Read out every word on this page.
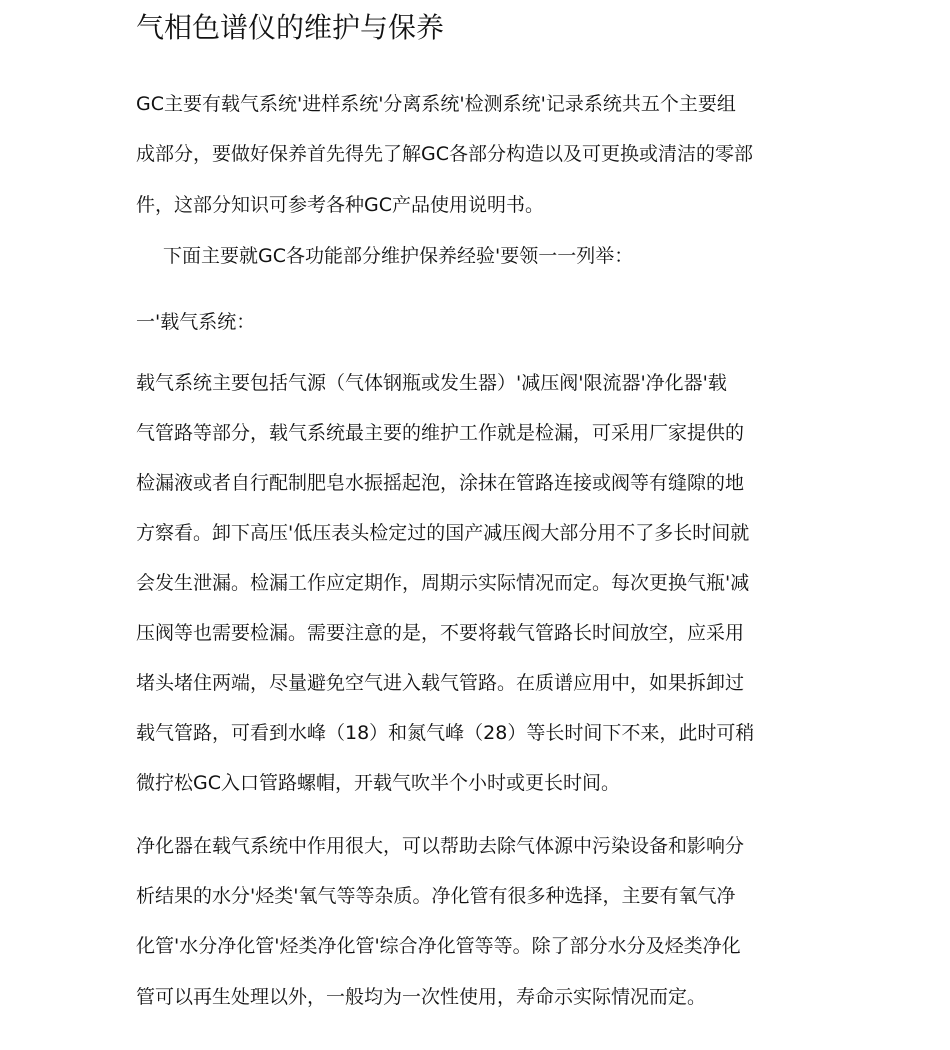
气相色谱仪的维护与保养

GC主要有载气系统'进样系统'分离系统'检测系统'记录系统共五个主要组

成部分，要做好保养首先得先了解GC各部分构造以及可更换或清洁的零部

件，这部分知识可参考各种GC产品使用说明书。

下面主要就GC各功能部分维护保养经验'要领一一列举：

一'载气系统：

载气系统主要包括气源（气体钢瓶或发生器）'减压阀'限流器'净化器'载

气管路等部分，载气系统最主要的维护工作就是检漏，可采用厂家提供的

检漏液或者自行配制肥皂水振摇起泡，涂抹在管路连接或阀等有缝隙的地

方察看。卸下高压'低压表头检定过的国产减压阀大部分用不了多长时间就

会发生泄漏。检漏工作应定期作，周期示实际情况而定。每次更换气瓶'减

压阀等也需要检漏。需要注意的是，不要将载气管路长时间放空，应采用

堵头堵住两端，尽量避免空气进入载气管路。在质谱应用中，如果拆卸过

载气管路，可看到水峰（18）和氮气峰（28）等长时间下不来，此时可稍

微拧松GC入口管路螺帽，开载气吹半个小时或更长时间。

净化器在载气系统中作用很大，可以帮助去除气体源中污染设备和影响分

析结果的水分'烃类'氧气等等杂质。净化管有很多种选择，主要有氧气净

化管'水分净化管'烃类净化管'综合净化管等等。除了部分水分及烃类净化

管可以再生处理以外，一般均为一次性使用，寿命示实际情况而定。
